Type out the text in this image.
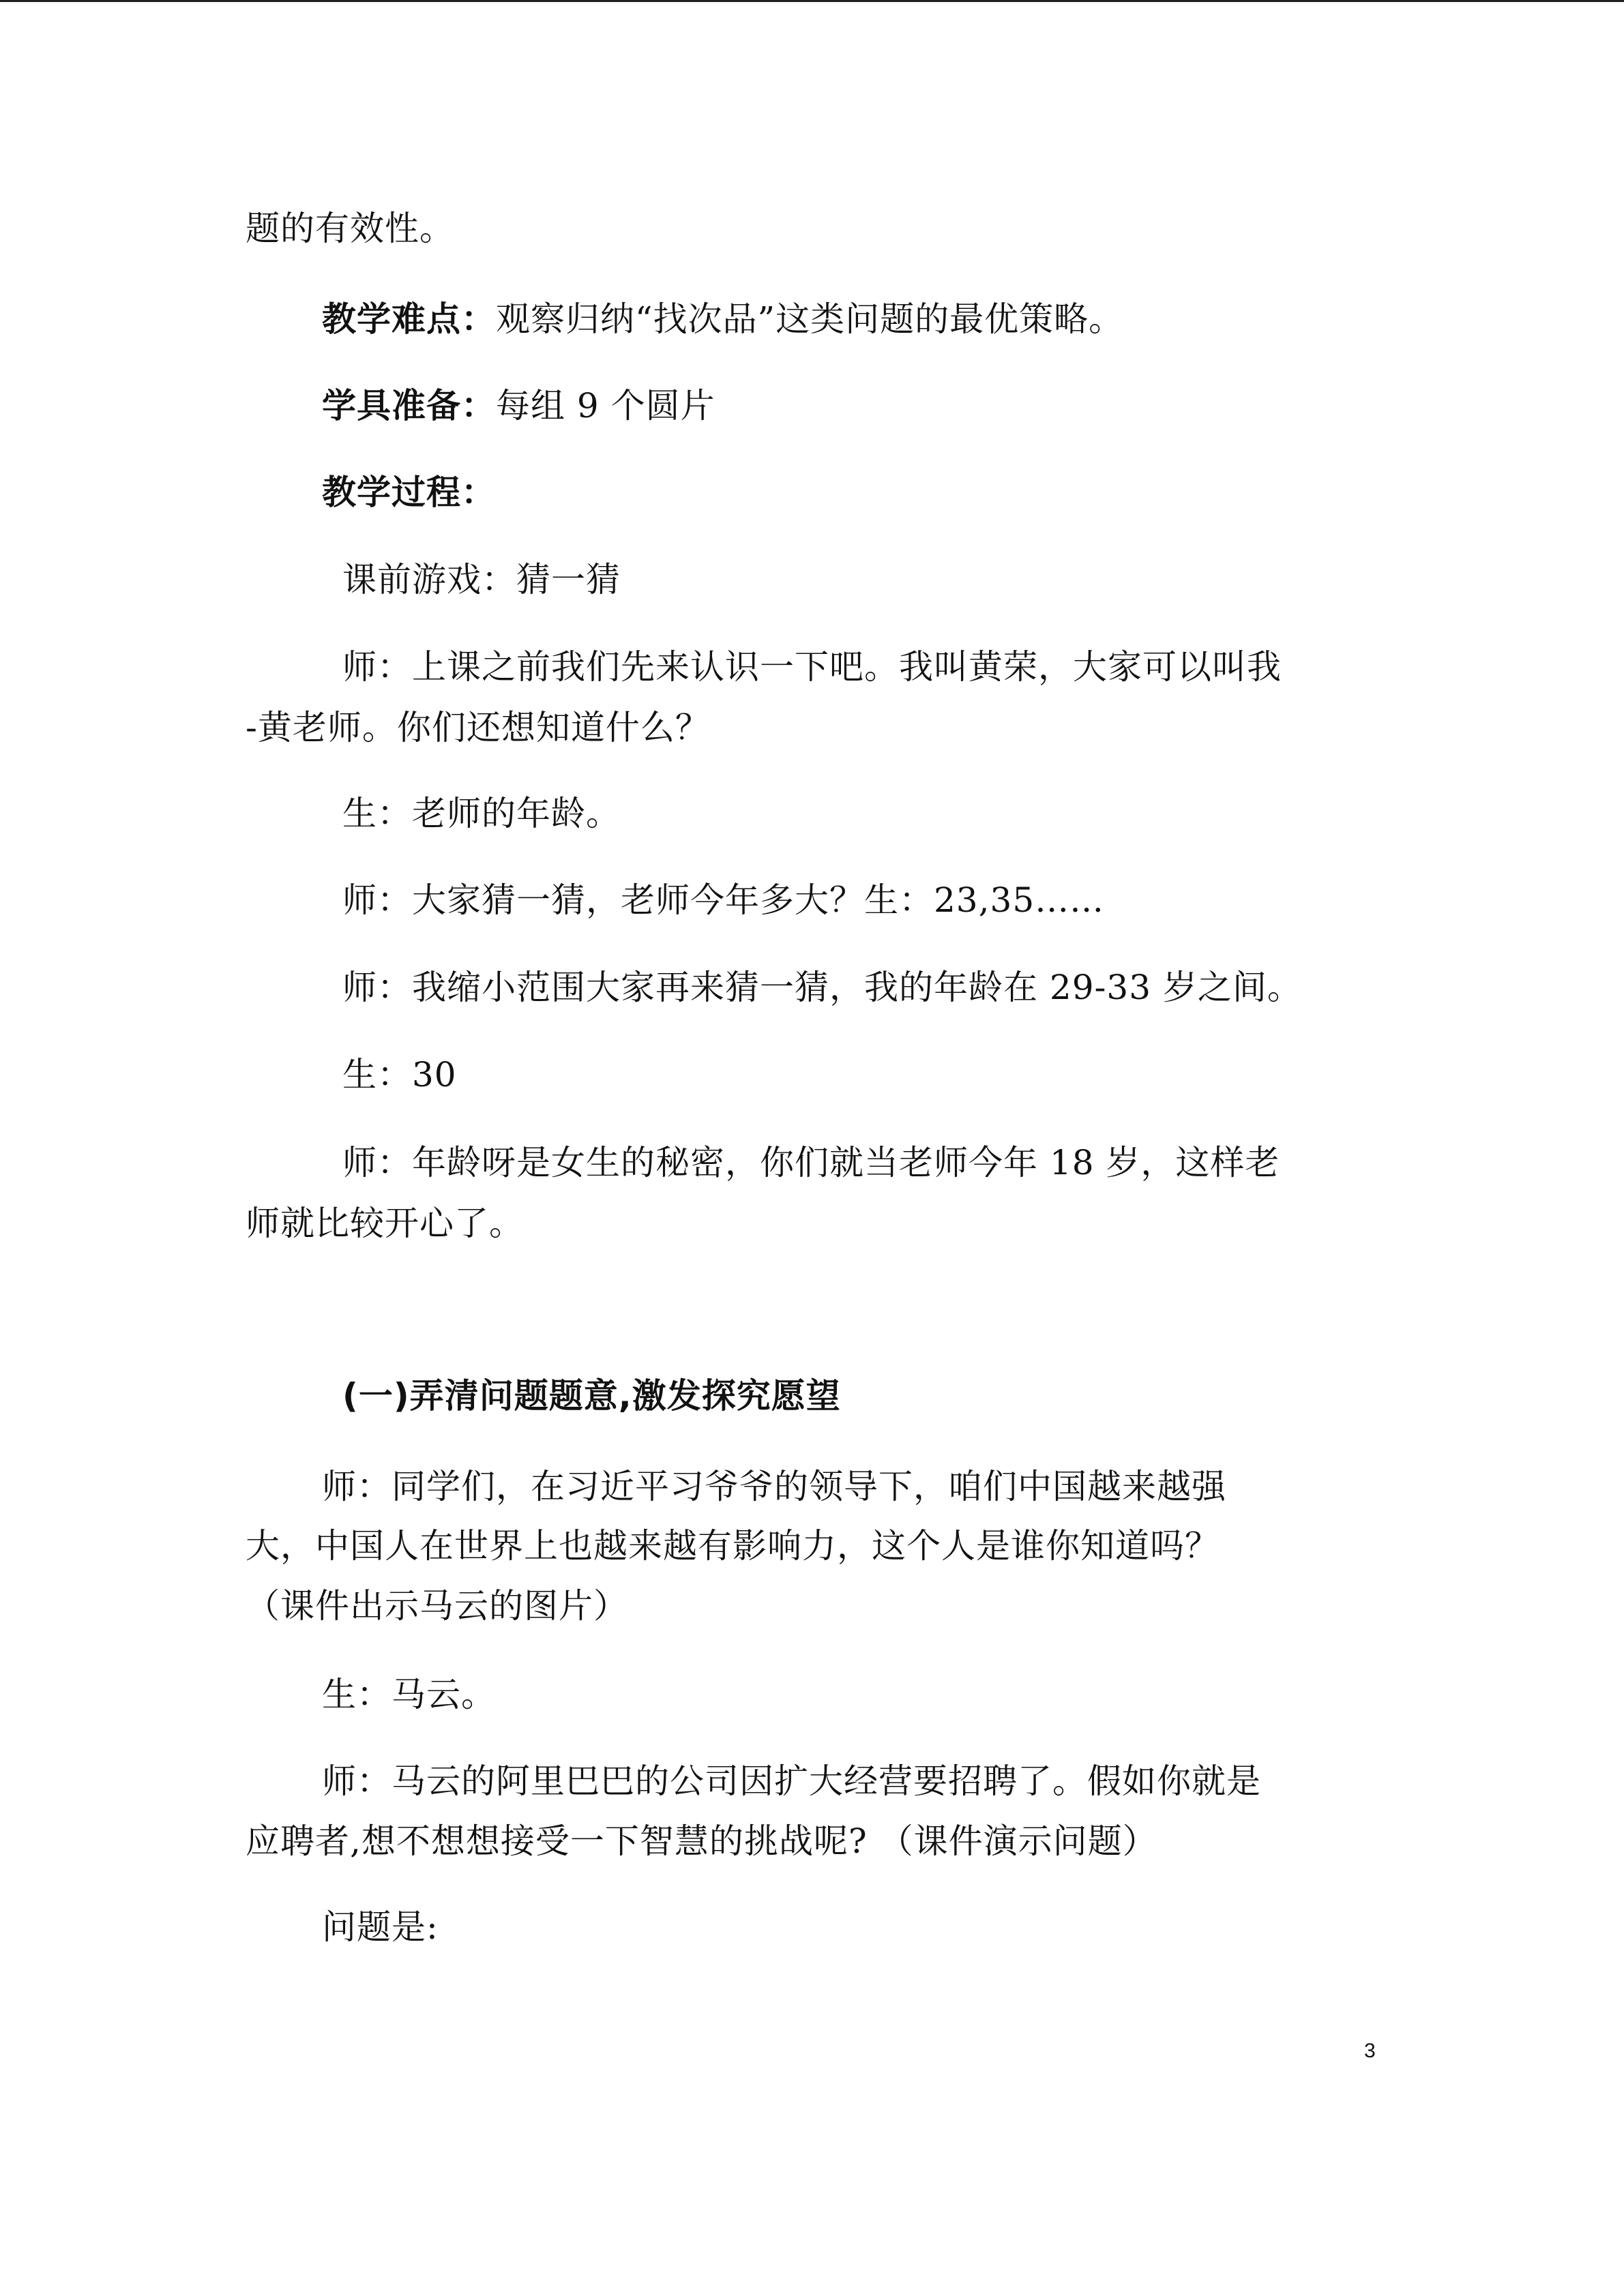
题的有效性。
教学难点：观察归纳“找次品”这类问题的最优策略。
学具准备：每组 9 个圆片
教学过程：
课前游戏：猜一猜
师：上课之前我们先来认识一下吧。我叫黄荣，大家可以叫我
-黄老师。你们还想知道什么？
生：老师的年龄。
师：大家猜一猜，老师今年多大？生：23,35……
师：我缩小范围大家再来猜一猜，我的年龄在 29-33 岁之间。
生：30
师：年龄呀是女生的秘密，你们就当老师今年 18 岁，这样老
师就比较开心了。
(一)弄清问题题意,激发探究愿望
师：同学们，在习近平习爷爷的领导下，咱们中国越来越强
大，中国人在世界上也越来越有影响力，这个人是谁你知道吗？
（课件出示马云的图片）
生：马云。
师：马云的阿里巴巴的公司因扩大经营要招聘了。假如你就是
应聘者,想不想想接受一下智慧的挑战呢? （课件演示问题）
问题是:
3
